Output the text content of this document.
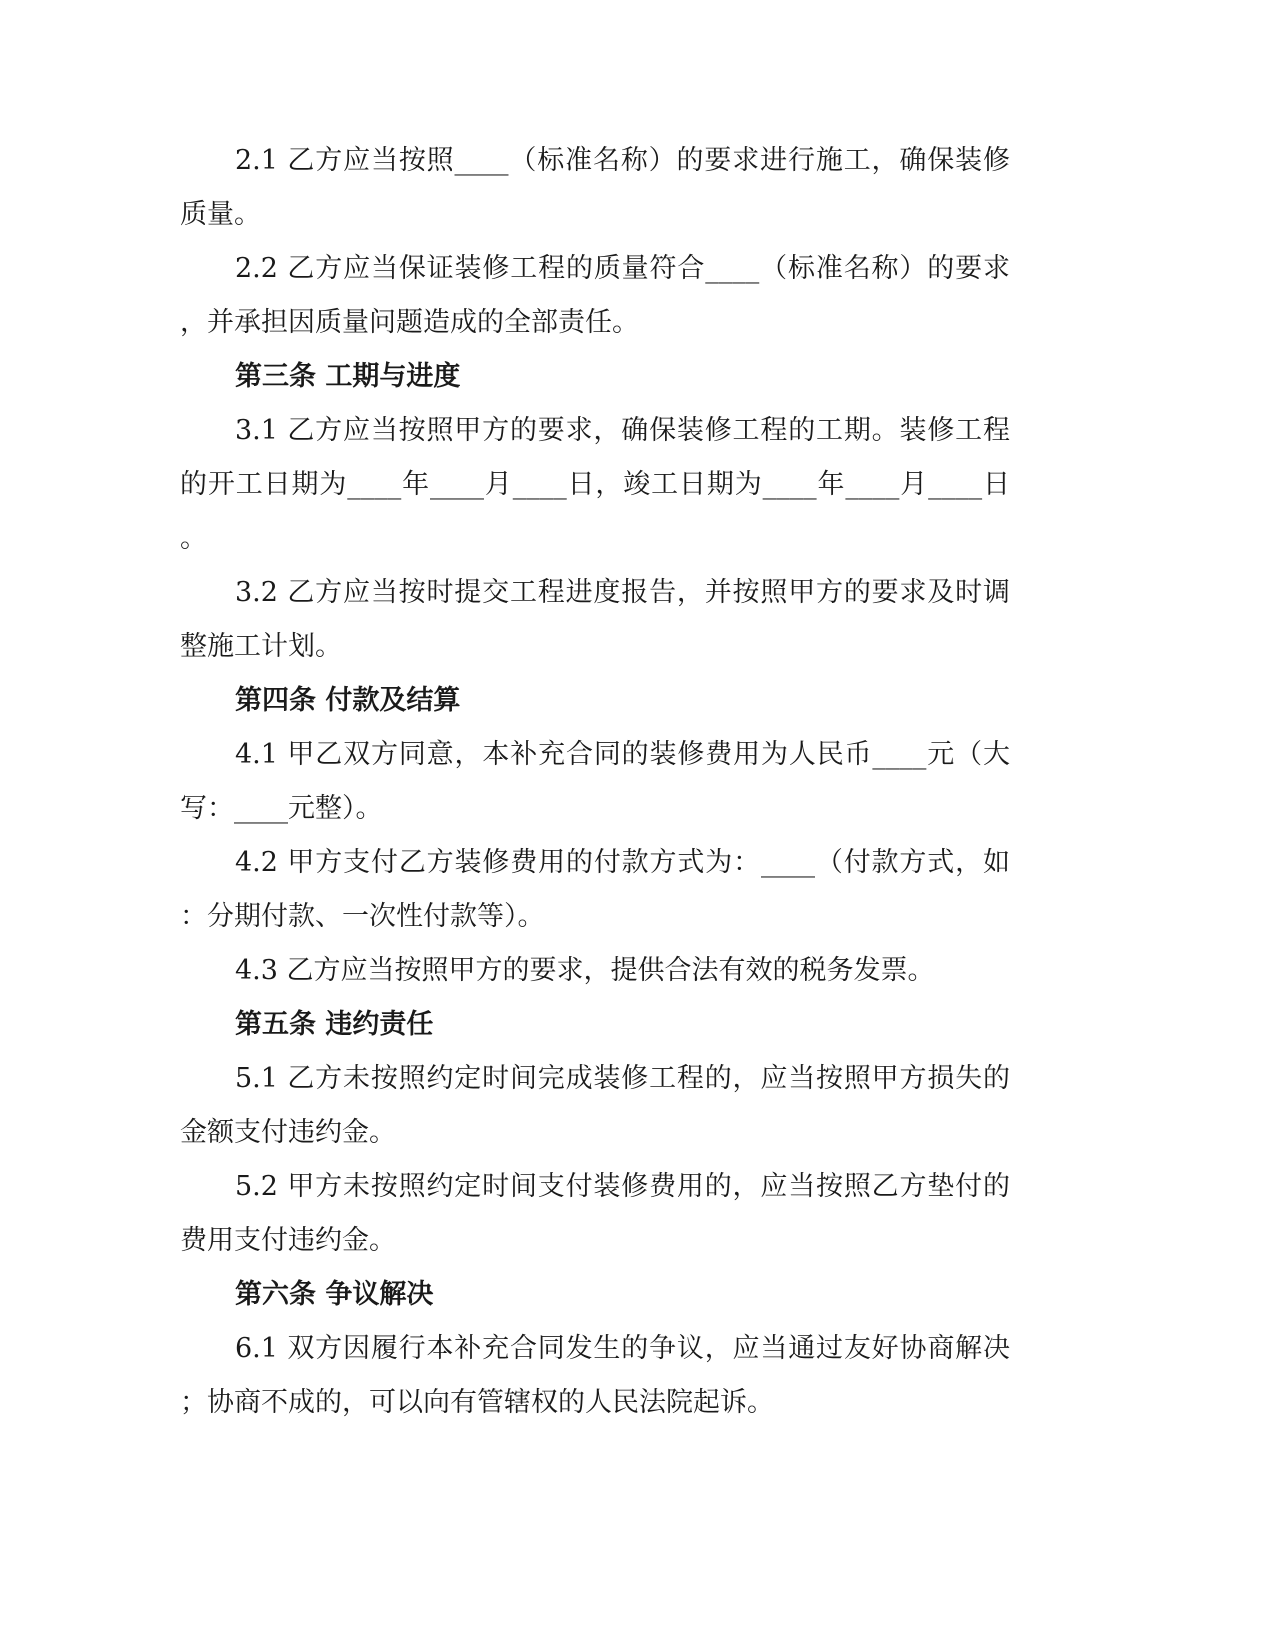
2.1 乙方应当按照____（标准名称）的要求进行施工，确保装修
质量。
2.2 乙方应当保证装修工程的质量符合____（标准名称）的要求
，并承担因质量问题造成的全部责任。
第三条 工期与进度
3.1 乙方应当按照甲方的要求，确保装修工程的工期。装修工程
的开工日期为____年____月____日，竣工日期为____年____月____日
。
3.2 乙方应当按时提交工程进度报告，并按照甲方的要求及时调
整施工计划。
第四条 付款及结算
4.1 甲乙双方同意，本补充合同的装修费用为人民币____元（大
写：____元整）。
4.2 甲方支付乙方装修费用的付款方式为：____（付款方式，如
：分期付款、一次性付款等）。
4.3 乙方应当按照甲方的要求，提供合法有效的税务发票。
第五条 违约责任
5.1 乙方未按照约定时间完成装修工程的，应当按照甲方损失的
金额支付违约金。
5.2 甲方未按照约定时间支付装修费用的，应当按照乙方垫付的
费用支付违约金。
第六条 争议解决
6.1 双方因履行本补充合同发生的争议，应当通过友好协商解决
；协商不成的，可以向有管辖权的人民法院起诉。
